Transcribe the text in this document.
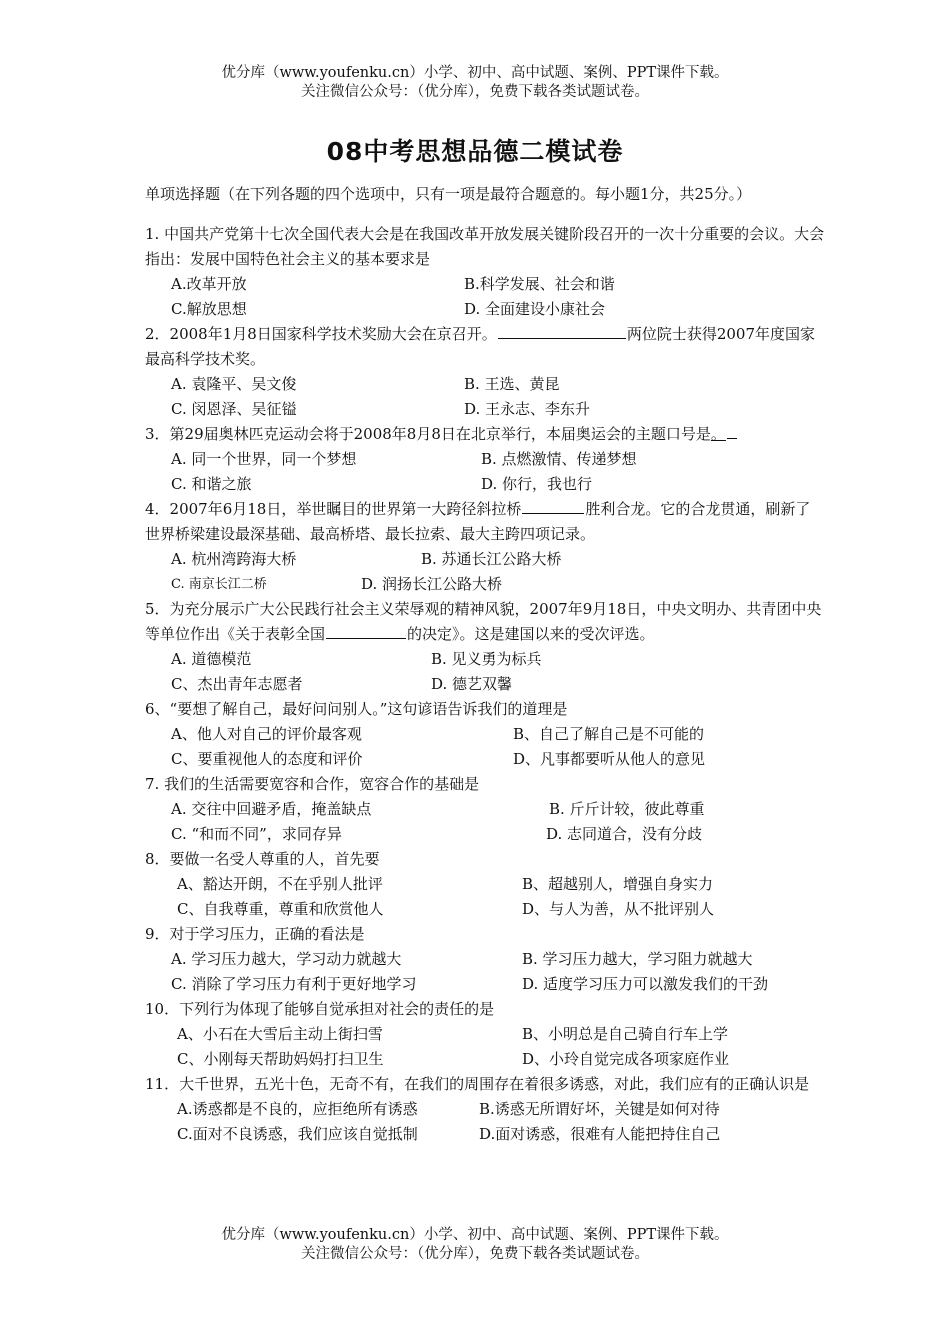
优分库（www.youfenku.cn）小学、初中、高中试题、案例、PPT课件下载。
关注微信公众号：（优分库），免费下载各类试题试卷。
08中考思想品德二模试卷
单项选择题（在下列各题的四个选项中，只有一项是最符合题意的。每小题1分，共25分。）
1. 中国共产党第十七次全国代表大会是在我国改革开放发展关键阶段召开的一次十分重要的会议。大会指出：发展中国特色社会主义的基本要求是
A.改革开放	B.科学发展、社会和谐
C.解放思想	D. 全面建设小康社会
2．2008年1月8日国家科学技术奖励大会在京召开。	两位院士获得2007年度国家最高科学技术奖。
A. 袁隆平、吴文俊	B. 王选、黄昆
C. 闵恩泽、吴征镒	D. 王永志、李东升
3．第29届奥林匹克运动会将于2008年8月8日在北京举行，本届奥运会的主题口号是。
A. 同一个世界，同一个梦想	B. 点燃激情、传递梦想
C. 和谐之旅	D. 你行，我也行
4．2007年6月18日，举世瞩目的世界第一大跨径斜拉桥	胜利合龙。它的合龙贯通，刷新了世界桥梁建设最深基础、最高桥塔、最长拉索、最大主跨四项记录。
A. 杭州湾跨海大桥	B. 苏通长江公路大桥
C. 南京长江二桥	D. 润扬长江公路大桥
5．为充分展示广大公民践行社会主义荣辱观的精神风貌，2007年9月18日，中央文明办、共青团中央等单位作出《关于表彰全国	的决定》。这是建国以来的受次评选。
A. 道德模范	B. 见义勇为标兵
C、杰出青年志愿者	D. 德艺双馨
6、“要想了解自己，最好问问别人。”这句谚语告诉我们的道理是
A、他人对自己的评价最客观	B、自己了解自己是不可能的
C、要重视他人的态度和评价	D、凡事都要听从他人的意见
7. 我们的生活需要宽容和合作，宽容合作的基础是
A. 交往中回避矛盾，掩盖缺点	B. 斤斤计较，彼此尊重
C. “和而不同”，求同存异	D. 志同道合，没有分歧
8．要做一名受人尊重的人，首先要
A、豁达开朗，不在乎别人批评	B、超越别人，增强自身实力
C、自我尊重，尊重和欣赏他人	D、与人为善，从不批评别人
9．对于学习压力，正确的看法是
A. 学习压力越大，学习动力就越大	B. 学习压力越大，学习阻力就越大
C. 消除了学习压力有利于更好地学习	D. 适度学习压力可以激发我们的干劲
10．下列行为体现了能够自觉承担对社会的责任的是
A、小石在大雪后主动上街扫雪	B、小明总是自己骑自行车上学
C、小刚每天帮助妈妈打扫卫生	D、小玲自觉完成各项家庭作业
11．大千世界，五光十色，无奇不有，在我们的周围存在着很多诱惑，对此，我们应有的正确认识是
A.诱惑都是不良的，应拒绝所有诱惑	B.诱惑无所谓好坏，关键是如何对待
C.面对不良诱惑，我们应该自觉抵制	D.面对诱惑，很难有人能把持住自己
优分库（www.youfenku.cn）小学、初中、高中试题、案例、PPT课件下载。
关注微信公众号：（优分库），免费下载各类试题试卷。
